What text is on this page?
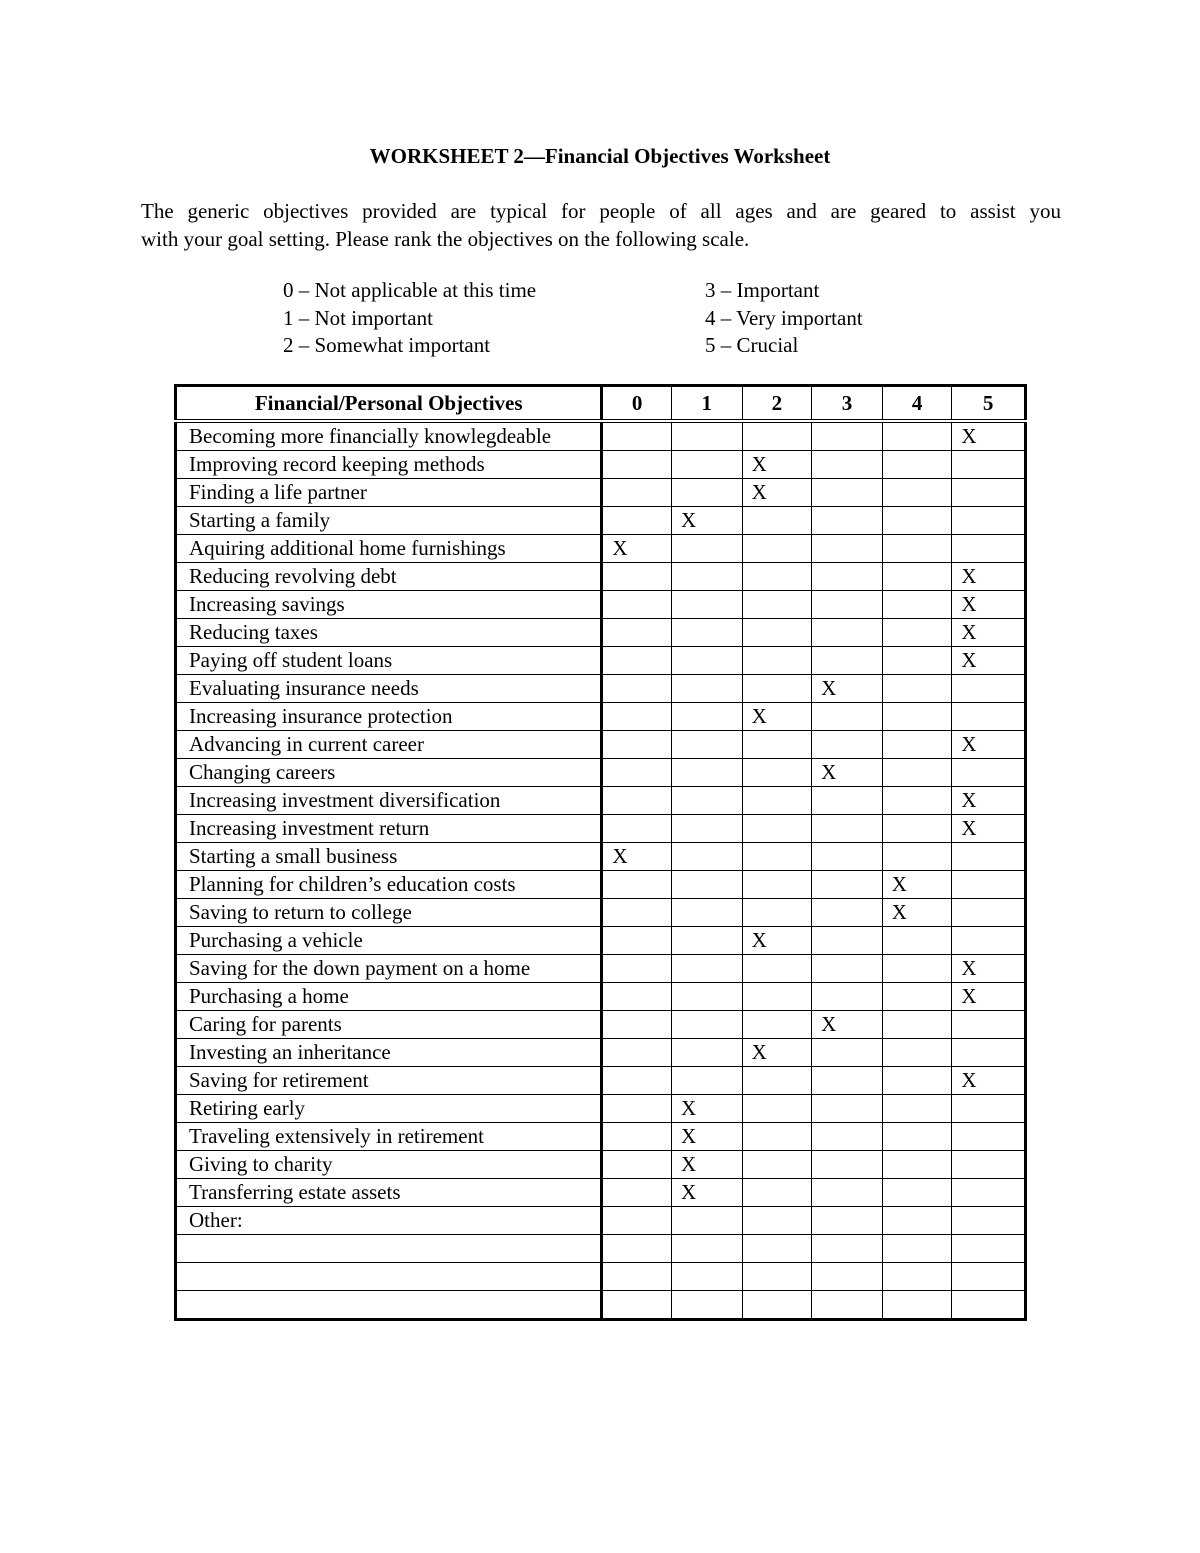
WORKSHEET 2—Financial Objectives Worksheet

The generic objectives provided are typical for people of all ages and are geared to assist you
with your goal setting. Please rank the objectives on the following scale.

0 – Not applicable at this time
1 – Not important
2 – Somewhat important
3 – Important
4 – Very important
5 – Crucial
Financial/Personal Objectives	0	1	2	3	4	5
Becoming more financially knowlegdeable						X
Improving record keeping methods			X			
Finding a life partner			X			
Starting a family		X				
Aquiring additional home furnishings	X					
Reducing revolving debt						X
Increasing savings						X
Reducing taxes						X
Paying off student loans						X
Evaluating insurance needs				X		
Increasing insurance protection			X			
Advancing in current career						X
Changing careers				X		
Increasing investment diversification						X
Increasing investment return						X
Starting a small business	X					
Planning for children’s education costs					X	
Saving to return to college					X	
Purchasing a vehicle			X			
Saving for the down payment on a home						X
Purchasing a home						X
Caring for parents				X		
Investing an inheritance			X			
Saving for retirement						X
Retiring early		X				
Traveling extensively in retirement		X				
Giving to charity		X				
Transferring estate assets		X				
Other:						
